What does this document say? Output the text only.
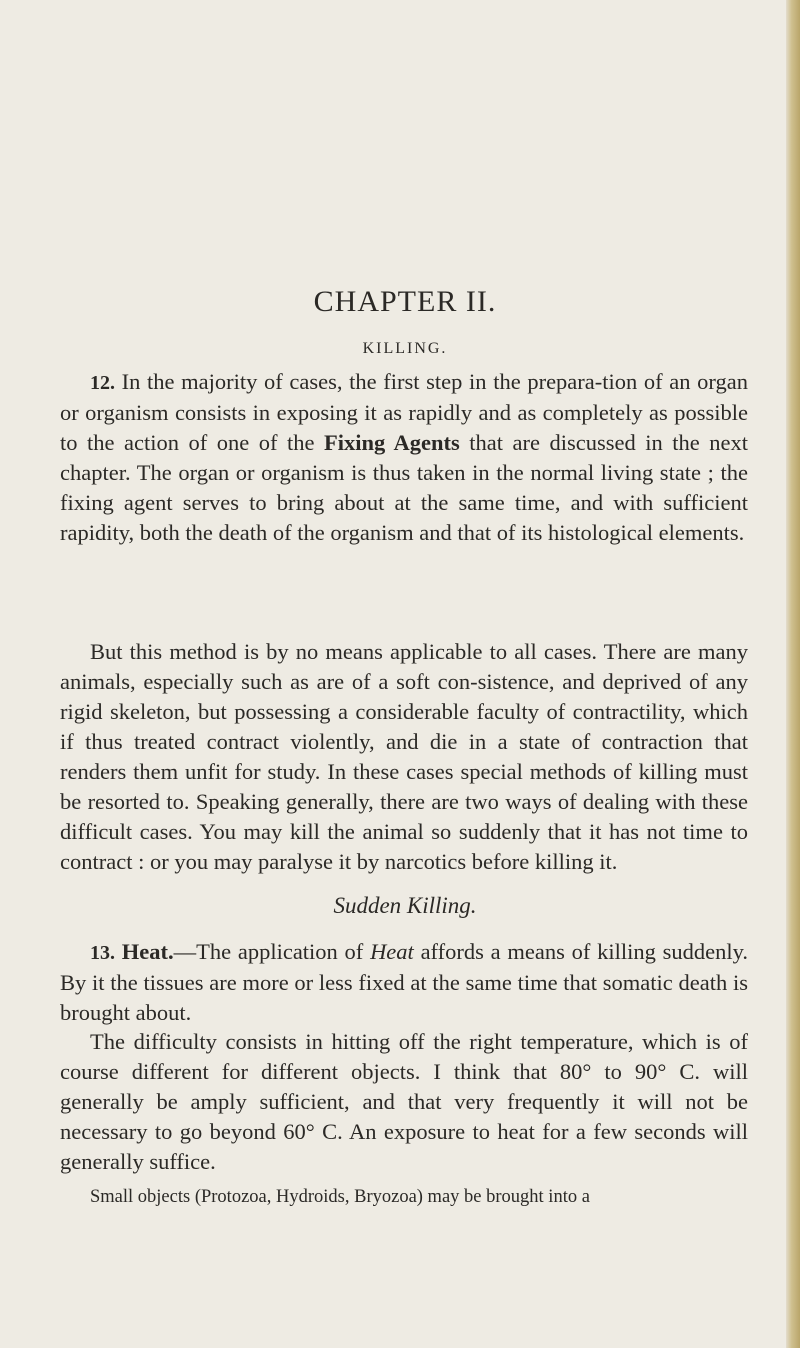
CHAPTER II.
KILLING.

12. In the majority of cases, the first step in the prepara-tion of an organ or organism consists in exposing it as rapidly and as completely as possible to the action of one of the Fixing Agents that are discussed in the next chapter. The organ or organism is thus taken in the normal living state ; the fixing agent serves to bring about at the same time, and with sufficient rapidity, both the death of the organism and that of its histological elements.

But this method is by no means applicable to all cases. There are many animals, especially such as are of a soft con-sistence, and deprived of any rigid skeleton, but possessing a considerable faculty of contractility, which if thus treated contract violently, and die in a state of contraction that renders them unfit for study. In these cases special methods of killing must be resorted to. Speaking generally, there are two ways of dealing with these difficult cases. You may kill the animal so suddenly that it has not time to contract : or you may paralyse it by narcotics before killing it.

Sudden Killing.

13. Heat.—The application of Heat affords a means of killing suddenly. By it the tissues are more or less fixed at the same time that somatic death is brought about.

The difficulty consists in hitting off the right temperature, which is of course different for different objects. I think that 80° to 90° C. will generally be amply sufficient, and that very frequently it will not be necessary to go beyond 60° C. An exposure to heat for a few seconds will generally suffice.

Small objects (Protozoa, Hydroids, Bryozoa) may be brought into a
